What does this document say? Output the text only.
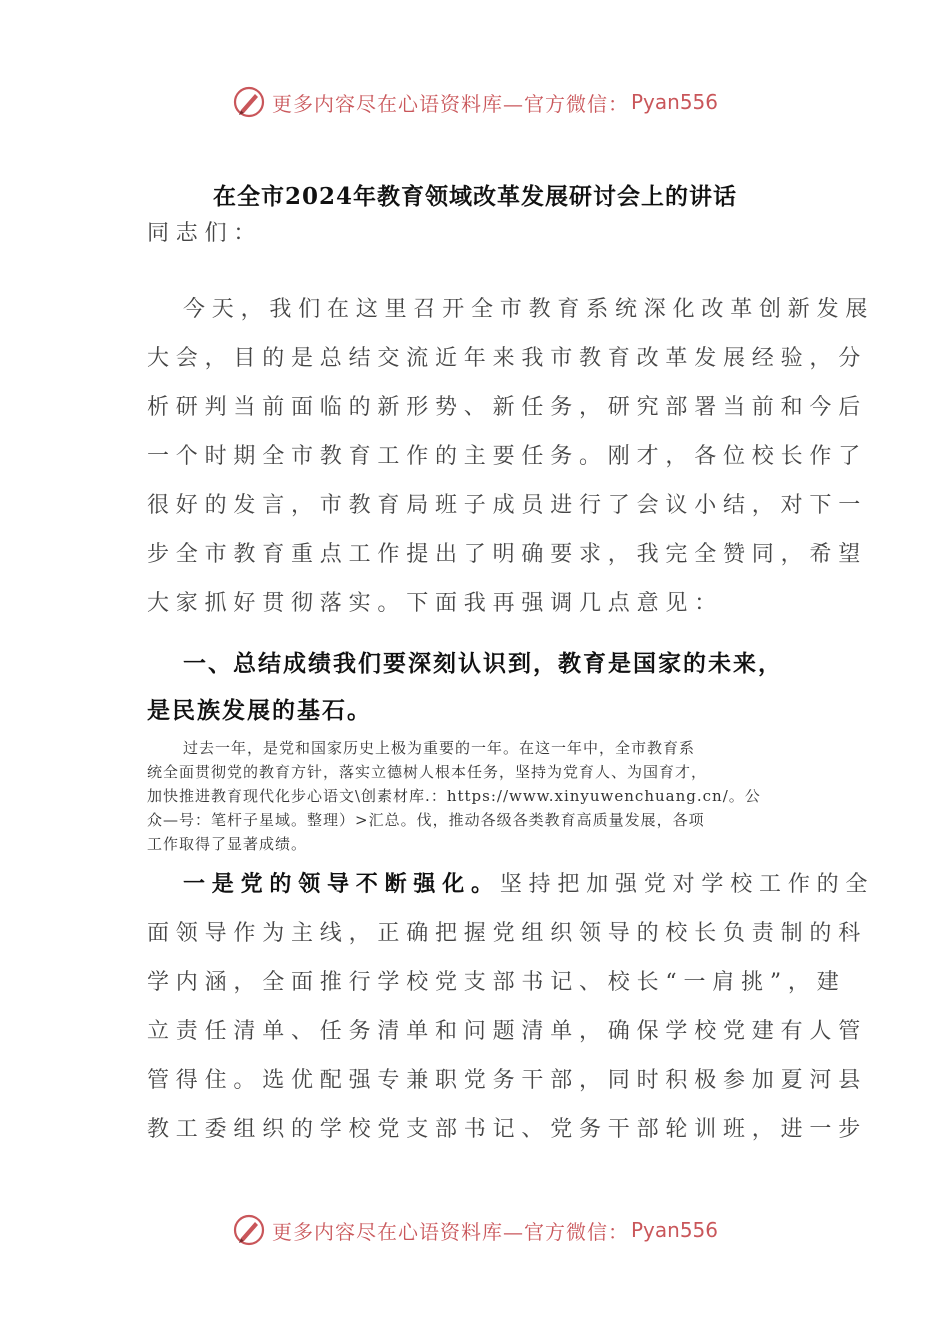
更多内容尽在心语资料库—官方微信： Pyan556
在全市2024年教育领域改革发展研讨会上的讲话
同志们：
今天，我们在这里召开全市教育系统深化改革创新发展
大会，目的是总结交流近年来我市教育改革发展经验，分
析研判当前面临的新形势、新任务，研究部署当前和今后
一个时期全市教育工作的主要任务。刚才，各位校长作了
很好的发言，市教育局班子成员进行了会议小结，对下一
步全市教育重点工作提出了明确要求，我完全赞同，希望
大家抓好贯彻落实。下面我再强调几点意见：
一、总结成绩我们要深刻认识到，教育是国家的未来，
是民族发展的基石。
过去一年，是党和国家历史上极为重要的一年。在这一年中，全市教育系
统全面贯彻党的教育方针，落实立德树人根本任务，坚持为党育人、为国育才，
加快推进教育现代化步心语文\创素材库.：https://www.xinyuwenchuang.cn/。公
众—号：笔杆子星域。整理）>汇总。伐，推动各级各类教育高质量发展，各项
工作取得了显著成绩。
一是党的领导不断强化。坚持把加强党对学校工作的全
面领导作为主线，正确把握党组织领导的校长负责制的科
学内涵，全面推行学校党支部书记、校长“一肩挑”，建
立责任清单、任务清单和问题清单，确保学校党建有人管
管得住。选优配强专兼职党务干部，同时积极参加夏河县
教工委组织的学校党支部书记、党务干部轮训班，进一步
更多内容尽在心语资料库—官方微信： Pyan556
